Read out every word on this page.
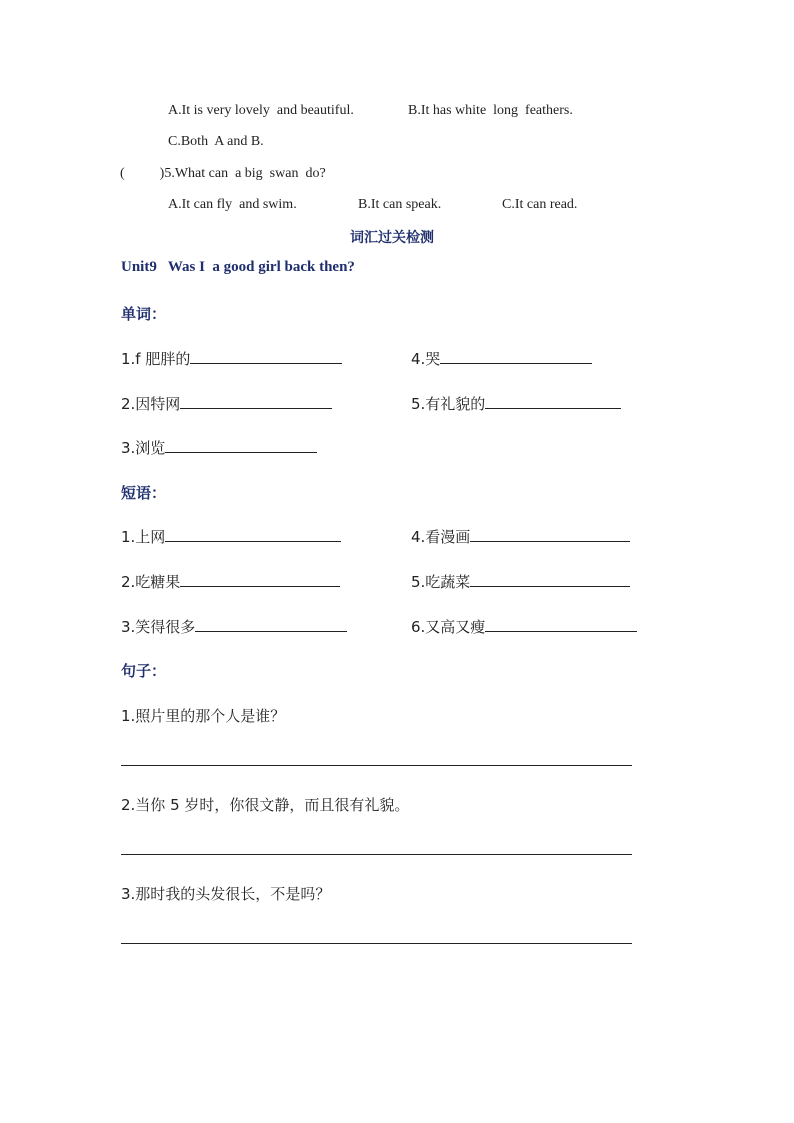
A.It is very lovely  and beautiful.	B.It has white  long  feathers.
C.Both  A and B.
(          )5.What can  a big  swan  do?
A.It can fly  and swim.	B.It can speak.	C.It can read.
词汇过关检测
Unit9   Was I  a good girl back then?
单词：
1.f 肥胖的	4.哭
2.因特网	5.有礼貌的
3.浏览
短语：
1.上网	4.看漫画
2.吃糖果	5.吃蔬菜
3.笑得很多	6.又高又瘦
句子：
1.照片里的那个人是谁？
2.当你 5 岁时，你很文静，而且很有礼貌。
3.那时我的头发很长，不是吗？
